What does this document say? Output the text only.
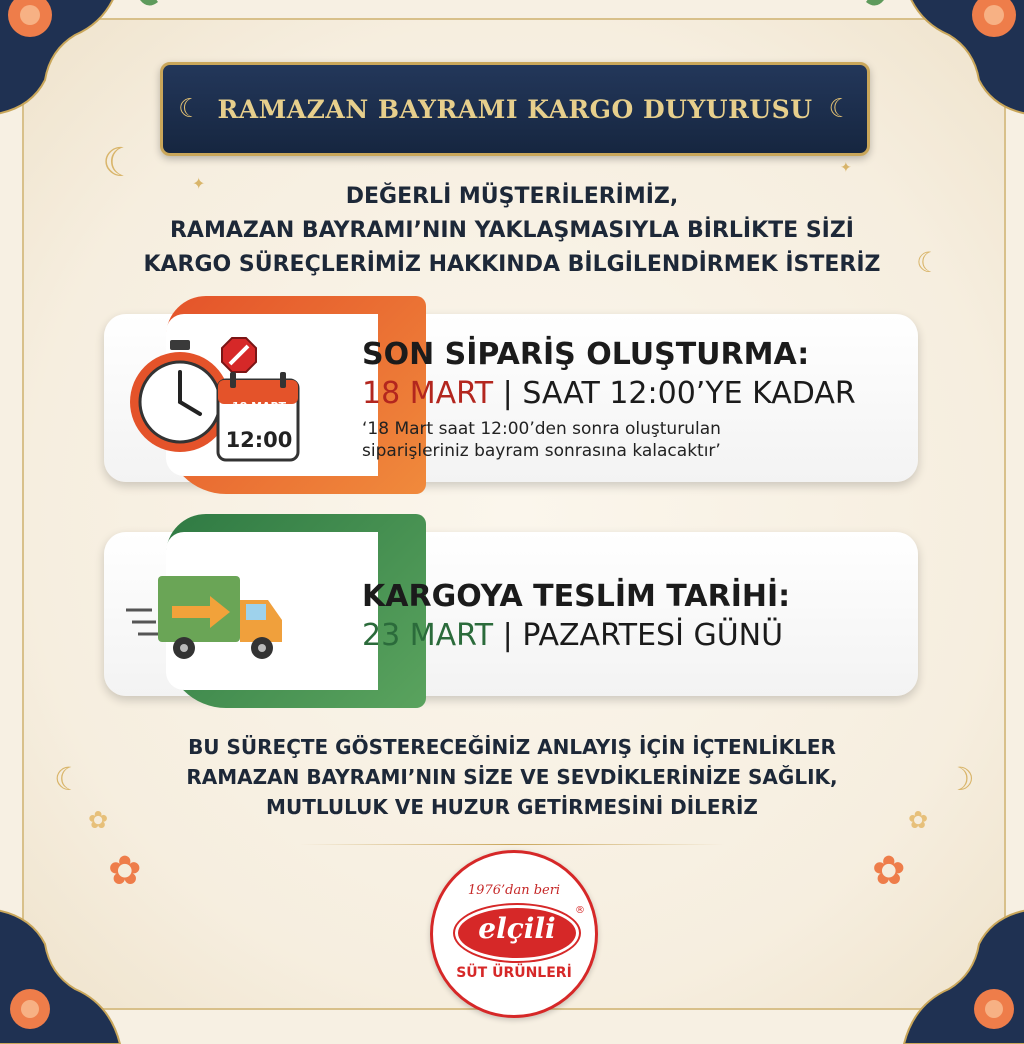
☾
☾	☽
☾
✦
✦
✿	✿
✿	✿
☾ RAMAZAN BAYRAMI KARGO DUYURUSU ☾
DEĞERLİ MÜŞTERİLERİMİZ,
RAMAZAN BAYRAMI’NIN YAKLAŞMASIYLA BİRLİKTE SİZİ
KARGO SÜREÇLERİMİZ HAKKINDA BİLGİLENDİRMEK İSTERİZ
18 MART
12:00
SON SİPARİŞ OLUŞTURMA:
18 MART | SAAT 12:00’YE KADAR
‘18 Mart saat 12:00’den sonra oluşturulan
siparişleriniz bayram sonrasına kalacaktır’
KARGOYA TESLİM TARİHİ:
23 MART | PAZARTESİ GÜNÜ
BU SÜREÇTE GÖSTERECEĞİNİZ ANLAYIŞ İÇİN İÇTENLİKLER
RAMAZAN BAYRAMI’NIN SİZE VE SEVDİKLERİNİZE SAĞLIK,
MUTLULUK VE HUZUR GETİRMESİNİ DİLERİZ
1976’dan beri
elçili
®
SÜT ÜRÜNLERİ
